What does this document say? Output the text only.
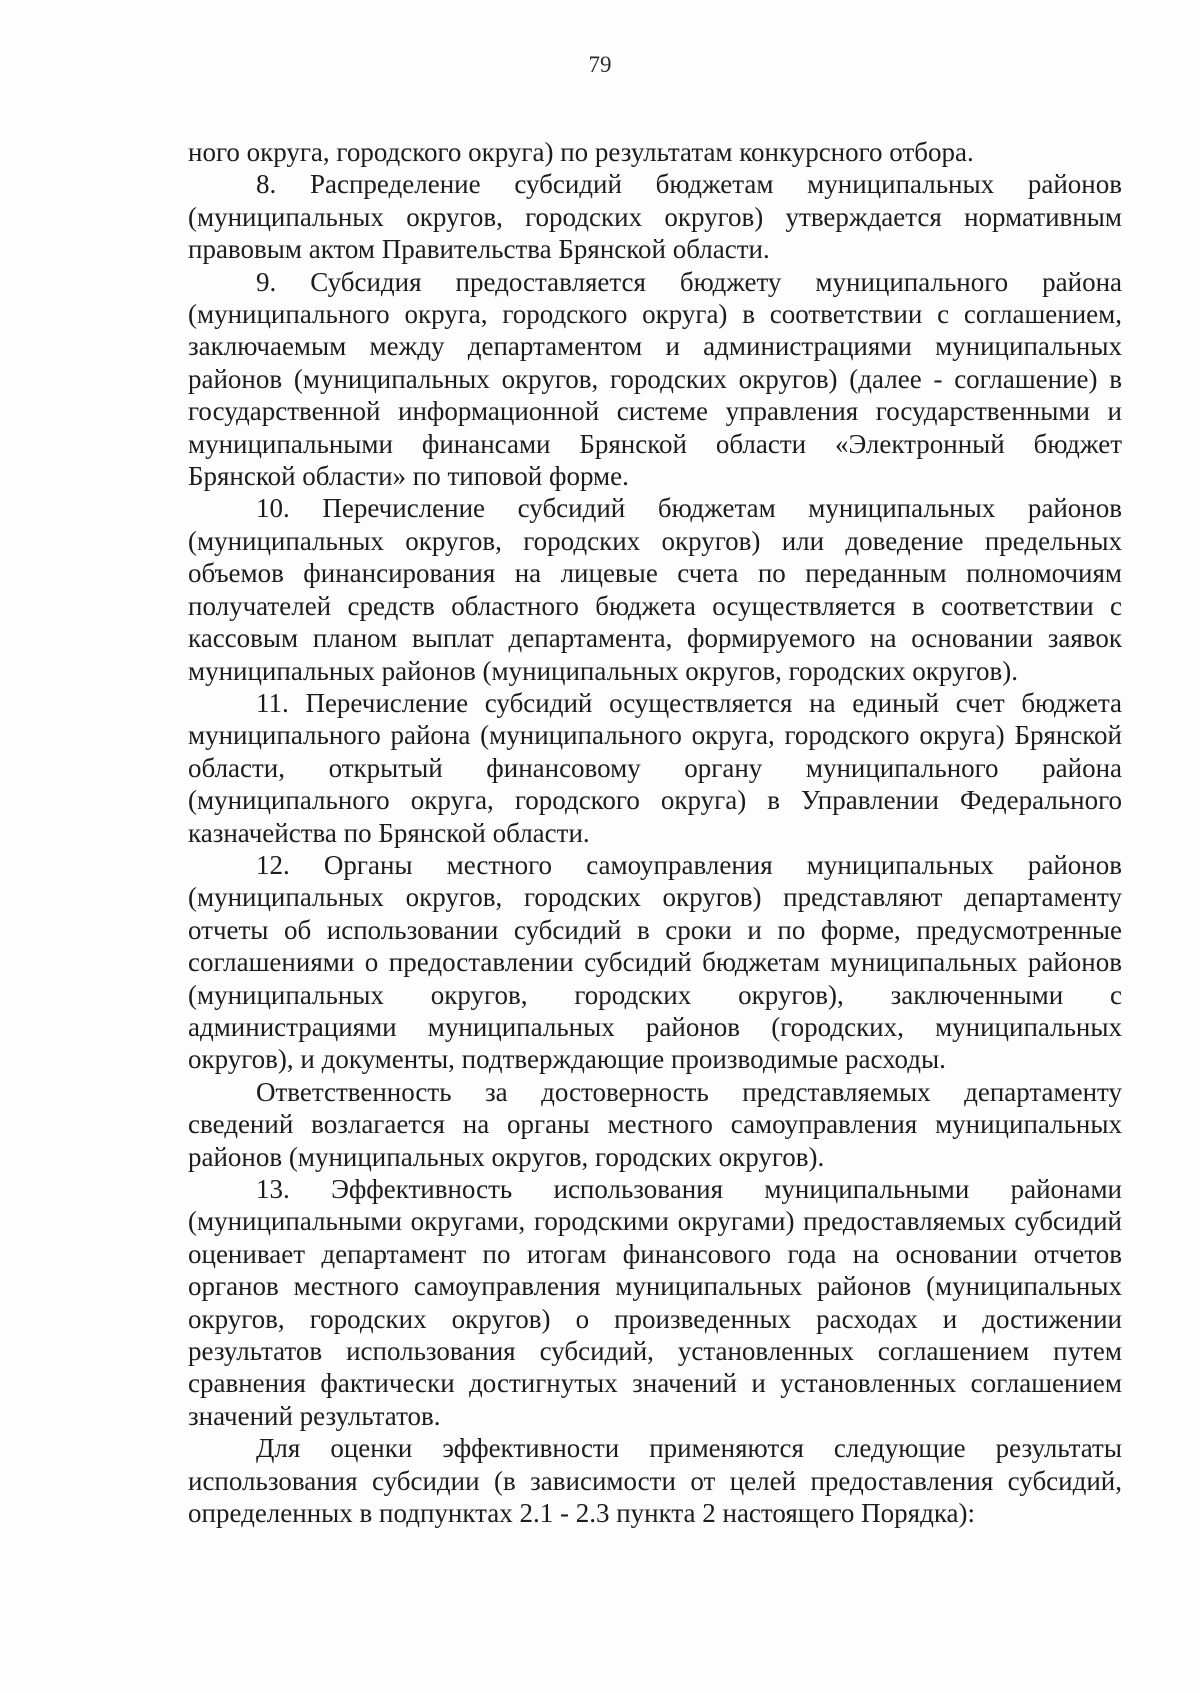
79

ного округа, городского округа) по результатам конкурсного отбора.

8. Распределение субсидий бюджетам муниципальных районов (муниципальных округов, городских округов) утверждается нормативным правовым актом Правительства Брянской области.

9. Субсидия предоставляется бюджету муниципального района (муниципального округа, городского округа) в соответствии с соглашением, заключаемым между департаментом и администрациями муниципальных районов (муниципальных округов, городских округов) (далее - соглашение) в государственной информационной системе управления государственными и муниципальными финансами Брянской области «Электронный бюджет Брянской области» по типовой форме.

10. Перечисление субсидий бюджетам муниципальных районов (муниципальных округов, городских округов) или доведение предельных объемов финансирования на лицевые счета по переданным полномочиям получателей средств областного бюджета осуществляется в соответствии с кассовым планом выплат департамента, формируемого на основании заявок муниципальных районов (муниципальных округов, городских округов).

11. Перечисление субсидий осуществляется на единый счет бюджета муниципального района (муниципального округа, городского округа) Брянской области, открытый финансовому органу муниципального района (муниципального округа, городского округа) в Управлении Федерального казначейства по Брянской области.

12. Органы местного самоуправления муниципальных районов (муниципальных округов, городских округов) представляют департаменту отчеты об использовании субсидий в сроки и по форме, предусмотренные соглашениями о предоставлении субсидий бюджетам муниципальных районов (муниципальных округов, городских округов), заключенными с администрациями муниципальных районов (городских, муниципальных округов), и документы, подтверждающие производимые расходы.

Ответственность за достоверность представляемых департаменту сведений возлагается на органы местного самоуправления муниципальных районов (муниципальных округов, городских округов).

13. Эффективность использования муниципальными районами (муниципальными округами, городскими округами) предоставляемых субсидий оценивает департамент по итогам финансового года на основании отчетов органов местного самоуправления муниципальных районов (муниципальных округов, городских округов) о произведенных расходах и достижении результатов использования субсидий, установленных соглашением путем сравнения фактически достигнутых значений и установленных соглашением значений результатов.

Для оценки эффективности применяются следующие результаты использования субсидии (в зависимости от целей предоставления субсидий, определенных в подпунктах 2.1 - 2.3 пункта 2 настоящего Порядка):
